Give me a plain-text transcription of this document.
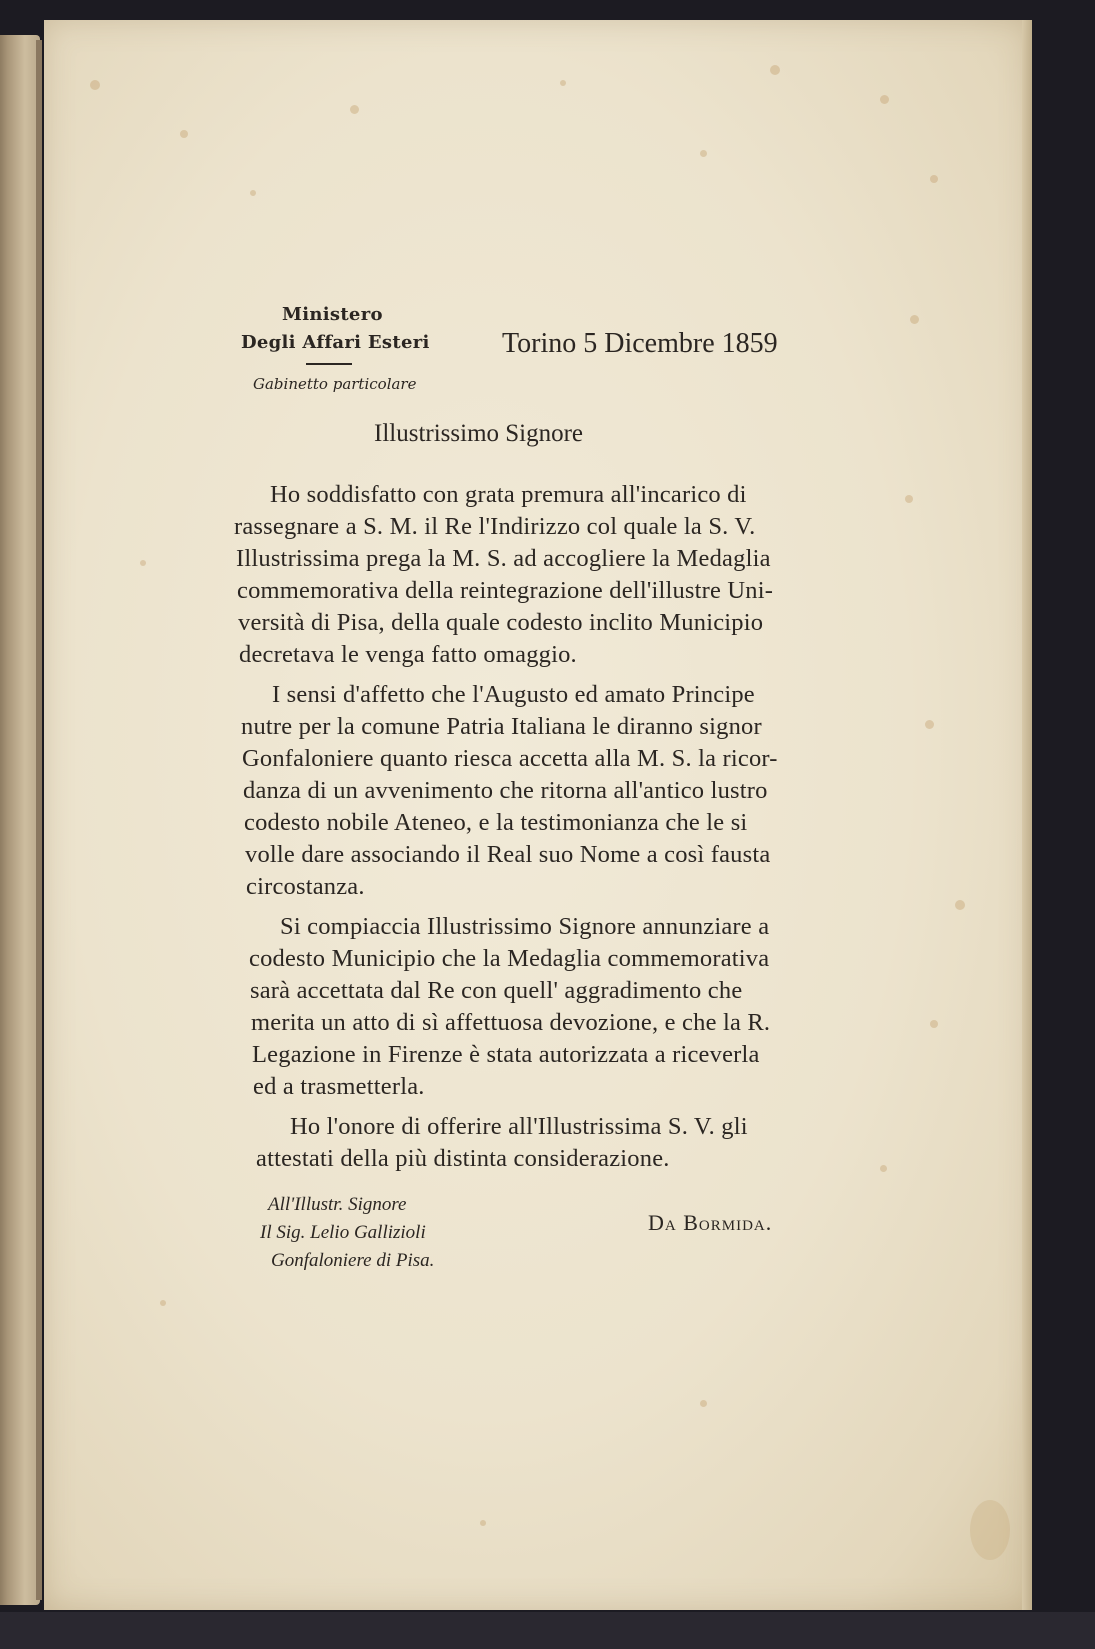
Ministero
Degli Affari Esteri
Gabinetto particolare
Torino 5 Dicembre 1859
Illustrissimo Signore
Ho soddisfatto con grata premura all'incarico di
rassegnare a S. M. il Re l'Indirizzo col quale la S. V.
Illustrissima prega la M. S. ad accogliere la Medaglia
commemorativa della reintegrazione dell'illustre Uni-
versità di Pisa, della quale codesto inclito Municipio
decretava le venga fatto omaggio.
I sensi d'affetto che l'Augusto ed amato Principe
nutre per la comune Patria Italiana le diranno signor
Gonfaloniere quanto riesca accetta alla M. S. la ricor-
danza di un avvenimento che ritorna all'antico lustro
codesto nobile Ateneo, e la testimonianza che le si
volle dare associando il Real suo Nome a così fausta
circostanza.
Si compiaccia Illustrissimo Signore annunziare a
codesto Municipio che la Medaglia commemorativa
sarà accettata dal Re con quell' aggradimento che
merita un atto di sì affettuosa devozione, e che la R.
Legazione in Firenze è stata autorizzata a riceverla
ed a trasmetterla.
Ho l'onore di offerire all'Illustrissima S. V. gli
attestati della più distinta considerazione.
All'Illustr. Signore
Il Sig. Lelio Gallizioli
Gonfaloniere di Pisa.
Da Bormida.
